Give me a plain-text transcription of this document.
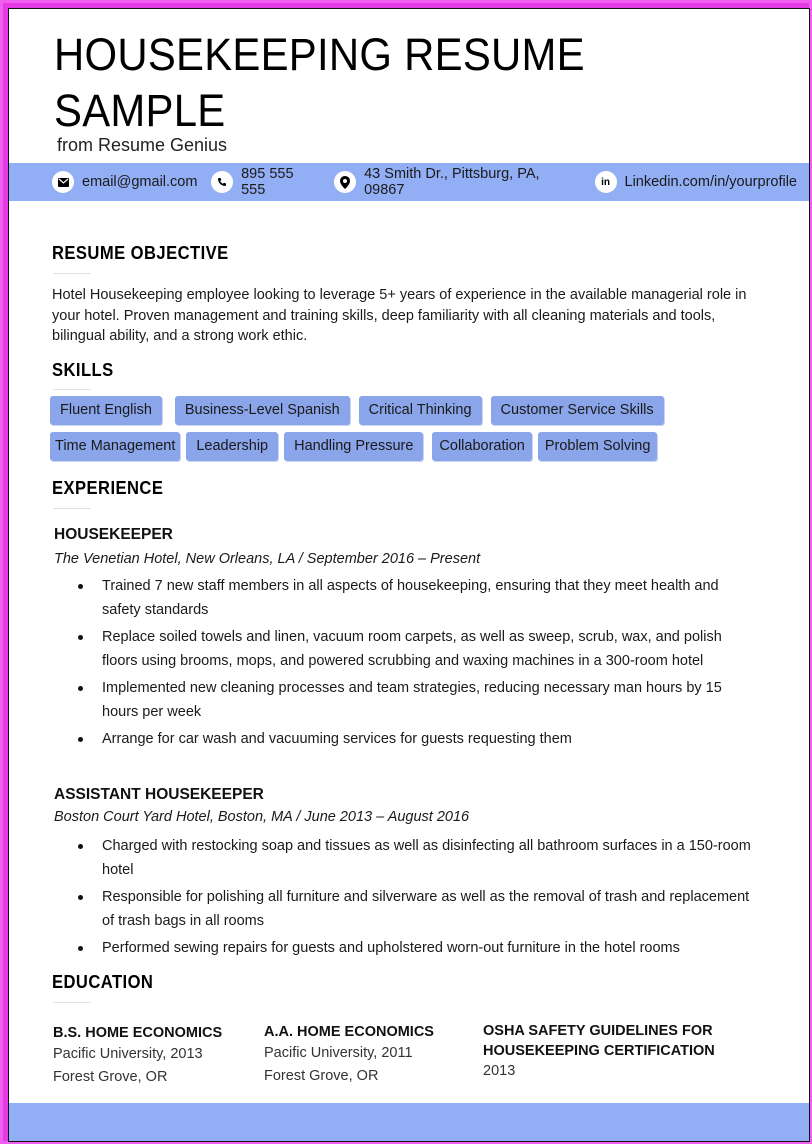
HOUSEKEEPING RESUME
SAMPLE
from Resume Genius
email@gmail.com	895 555 555
43 Smith Dr., Pittsburg, PA, 09867	in	Linkedin.com/in/yourprofile
RESUME OBJECTIVE

Hotel Housekeeping employee looking to leverage 5+ years of experience in the available managerial role in your hotel. Proven management and training skills, deep familiarity with all cleaning materials and tools, bilingual ability, and a strong work ethic.

SKILLS
Fluent English	Business-Level Spanish	Critical Thinking	Customer Service Skills
Time Management	Leadership	Handling Pressure	Collaboration	Problem Solving
EXPERIENCE
HOUSEKEEPER
The Venetian Hotel, New Orleans, LA / September 2016 – Present
Trained 7 new staff members in all aspects of housekeeping, ensuring that they meet health and safety standards
Replace soiled towels and linen, vacuum room carpets, as well as sweep, scrub, wax, and polish floors using brooms, mops, and powered scrubbing and waxing machines in a 300-room hotel
Implemented new cleaning processes and team strategies, reducing necessary man hours by 15 hours per week
Arrange for car wash and vacuuming services for guests requesting them
ASSISTANT HOUSEKEEPER
Boston Court Yard Hotel, Boston, MA / June 2013 – August 2016
Charged with restocking soap and tissues as well as disinfecting all bathroom surfaces in a 150-room hotel
Responsible for polishing all furniture and silverware as well as the removal of trash and replacement of trash bags in all rooms
Performed sewing repairs for guests and upholstered worn-out furniture in the hotel rooms
EDUCATION
B.S. HOME ECONOMICS
Pacific University, 2013
Forest Grove, OR
A.A. HOME ECONOMICS
Pacific University, 2011
Forest Grove, OR
OSHA SAFETY GUIDELINES FOR HOUSEKEEPING CERTIFICATION
2013
